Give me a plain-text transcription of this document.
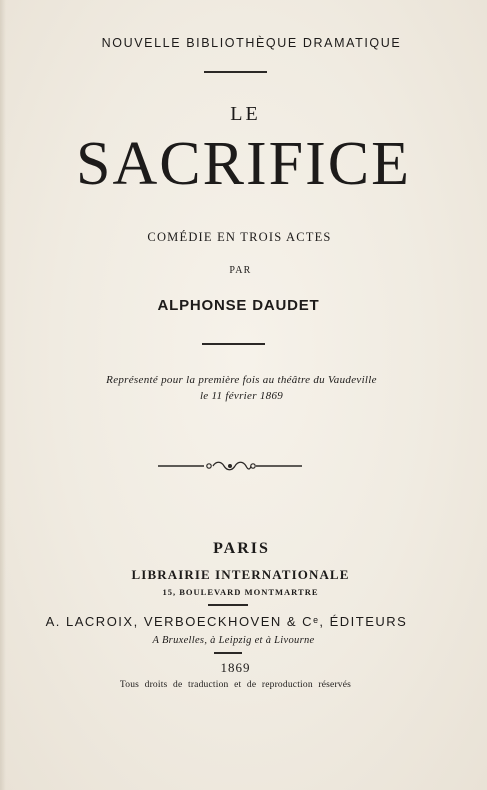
NOUVELLE BIBLIOTHÈQUE DRAMATIQUE
LE
SACRIFICE
COMÉDIE EN TROIS ACTES
PAR
ALPHONSE DAUDET
Représenté pour la première fois au théâtre du Vaudeville
le 11 février 1869
PARIS
LIBRAIRIE INTERNATIONALE
15, BOULEVARD MONTMARTRE
A. LACROIX, VERBOECKHOVEN & Cᵉ, ÉDITEURS
A Bruxelles, à Leipzig et à Livourne
1869
Tous droits de traduction et de reproduction réservés
